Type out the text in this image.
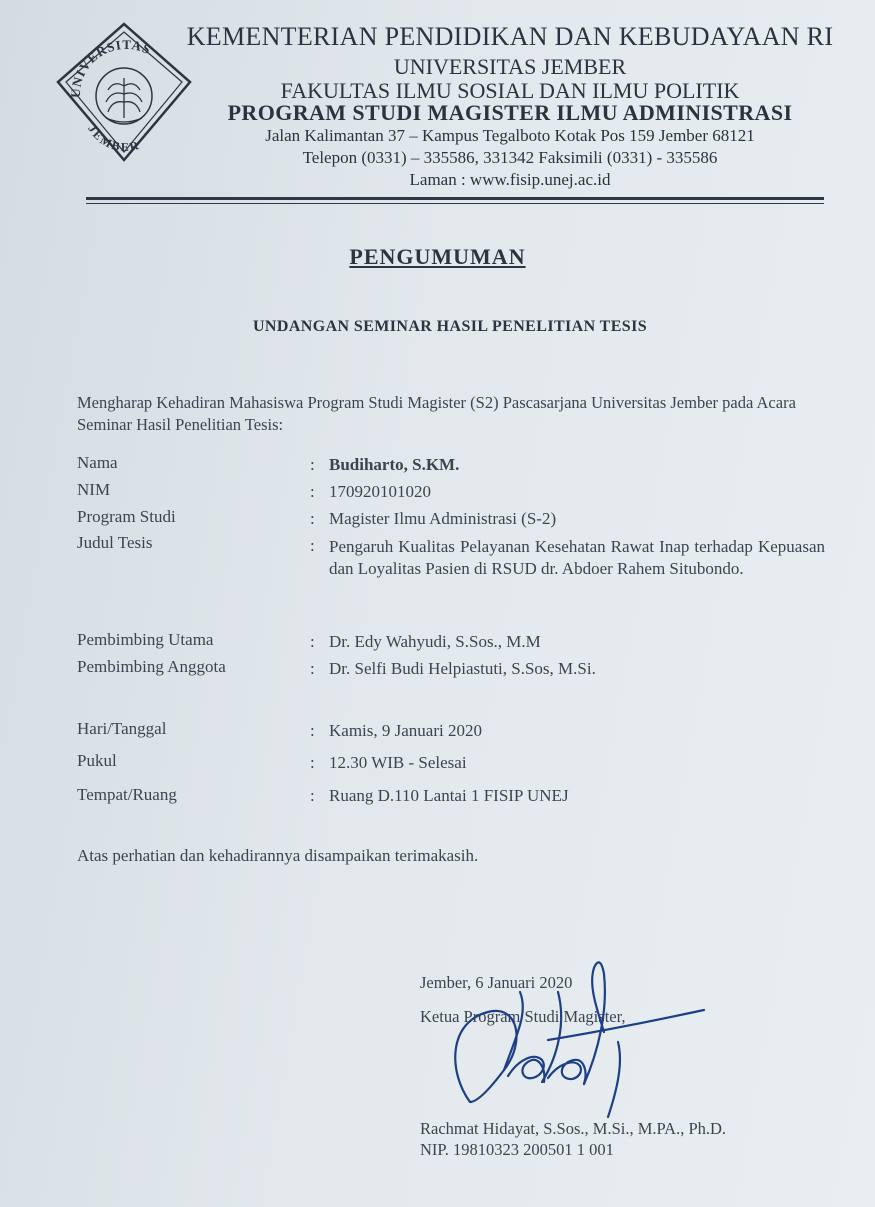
UNIVERSITAS
JEMBER
KEMENTERIAN PENDIDIKAN DAN KEBUDAYAAN RI
UNIVERSITAS JEMBER
FAKULTAS ILMU SOSIAL DAN ILMU POLITIK
PROGRAM STUDI MAGISTER ILMU ADMINISTRASI
Jalan Kalimantan 37 – Kampus Tegalboto Kotak Pos 159 Jember 68121
Telepon (0331) – 335586, 331342 Faksimili (0331) - 335586
Laman : www.fisip.unej.ac.id
PENGUMUMAN
UNDANGAN SEMINAR HASIL PENELITIAN TESIS
Mengharap Kehadiran Mahasiswa Program Studi Magister (S2) Pascasarjana Universitas Jember pada Acara Seminar Hasil Penelitian Tesis:
Nama	: Budiharto, S.KM.
NIM	: 170920101020
Program Studi	: Magister Ilmu Administrasi (S-2)
Judul Tesis	: Pengaruh Kualitas Pelayanan Kesehatan Rawat Inap terhadap Kepuasan dan Loyalitas Pasien di RSUD dr. Abdoer Rahem Situbondo.
Pembimbing Utama	: Dr. Edy Wahyudi, S.Sos., M.M
Pembimbing Anggota	: Dr. Selfi Budi Helpiastuti, S.Sos, M.Si.
Hari/Tanggal	: Kamis, 9 Januari 2020
Pukul	: 12.30 WIB - Selesai
Tempat/Ruang	: Ruang D.110 Lantai 1 FISIP UNEJ
Atas perhatian dan kehadirannya disampaikan terimakasih.
Jember, 6 Januari 2020
Ketua Program Studi Magister,
Rachmat Hidayat, S.Sos., M.Si., M.PA., Ph.D.
NIP. 19810323 200501 1 001
